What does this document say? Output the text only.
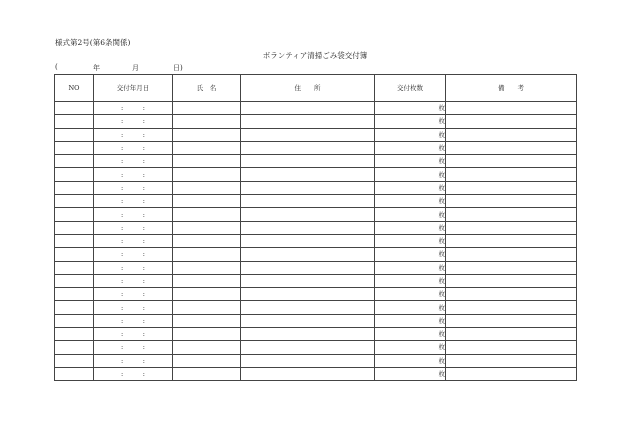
様式第2号(第6条関係)
ボランティア清掃ごみ袋交付簿
(	年	月	日)
NO	交付年月日	氏　名	住　　所	交付枚数	備　　考
	:　　　:			枚	
	:　　　:			枚	
	:　　　:			枚	
	:　　　:			枚	
	:　　　:			枚	
	:　　　:			枚	
	:　　　:			枚	
	:　　　:			枚	
	:　　　:			枚	
	:　　　:			枚	
	:　　　:			枚	
	:　　　:			枚	
	:　　　:			枚	
	:　　　:			枚	
	:　　　:			枚	
	:　　　:			枚	
	:　　　:			枚	
	:　　　:			枚	
	:　　　:			枚	
	:　　　:			枚	
	:　　　:			枚	
